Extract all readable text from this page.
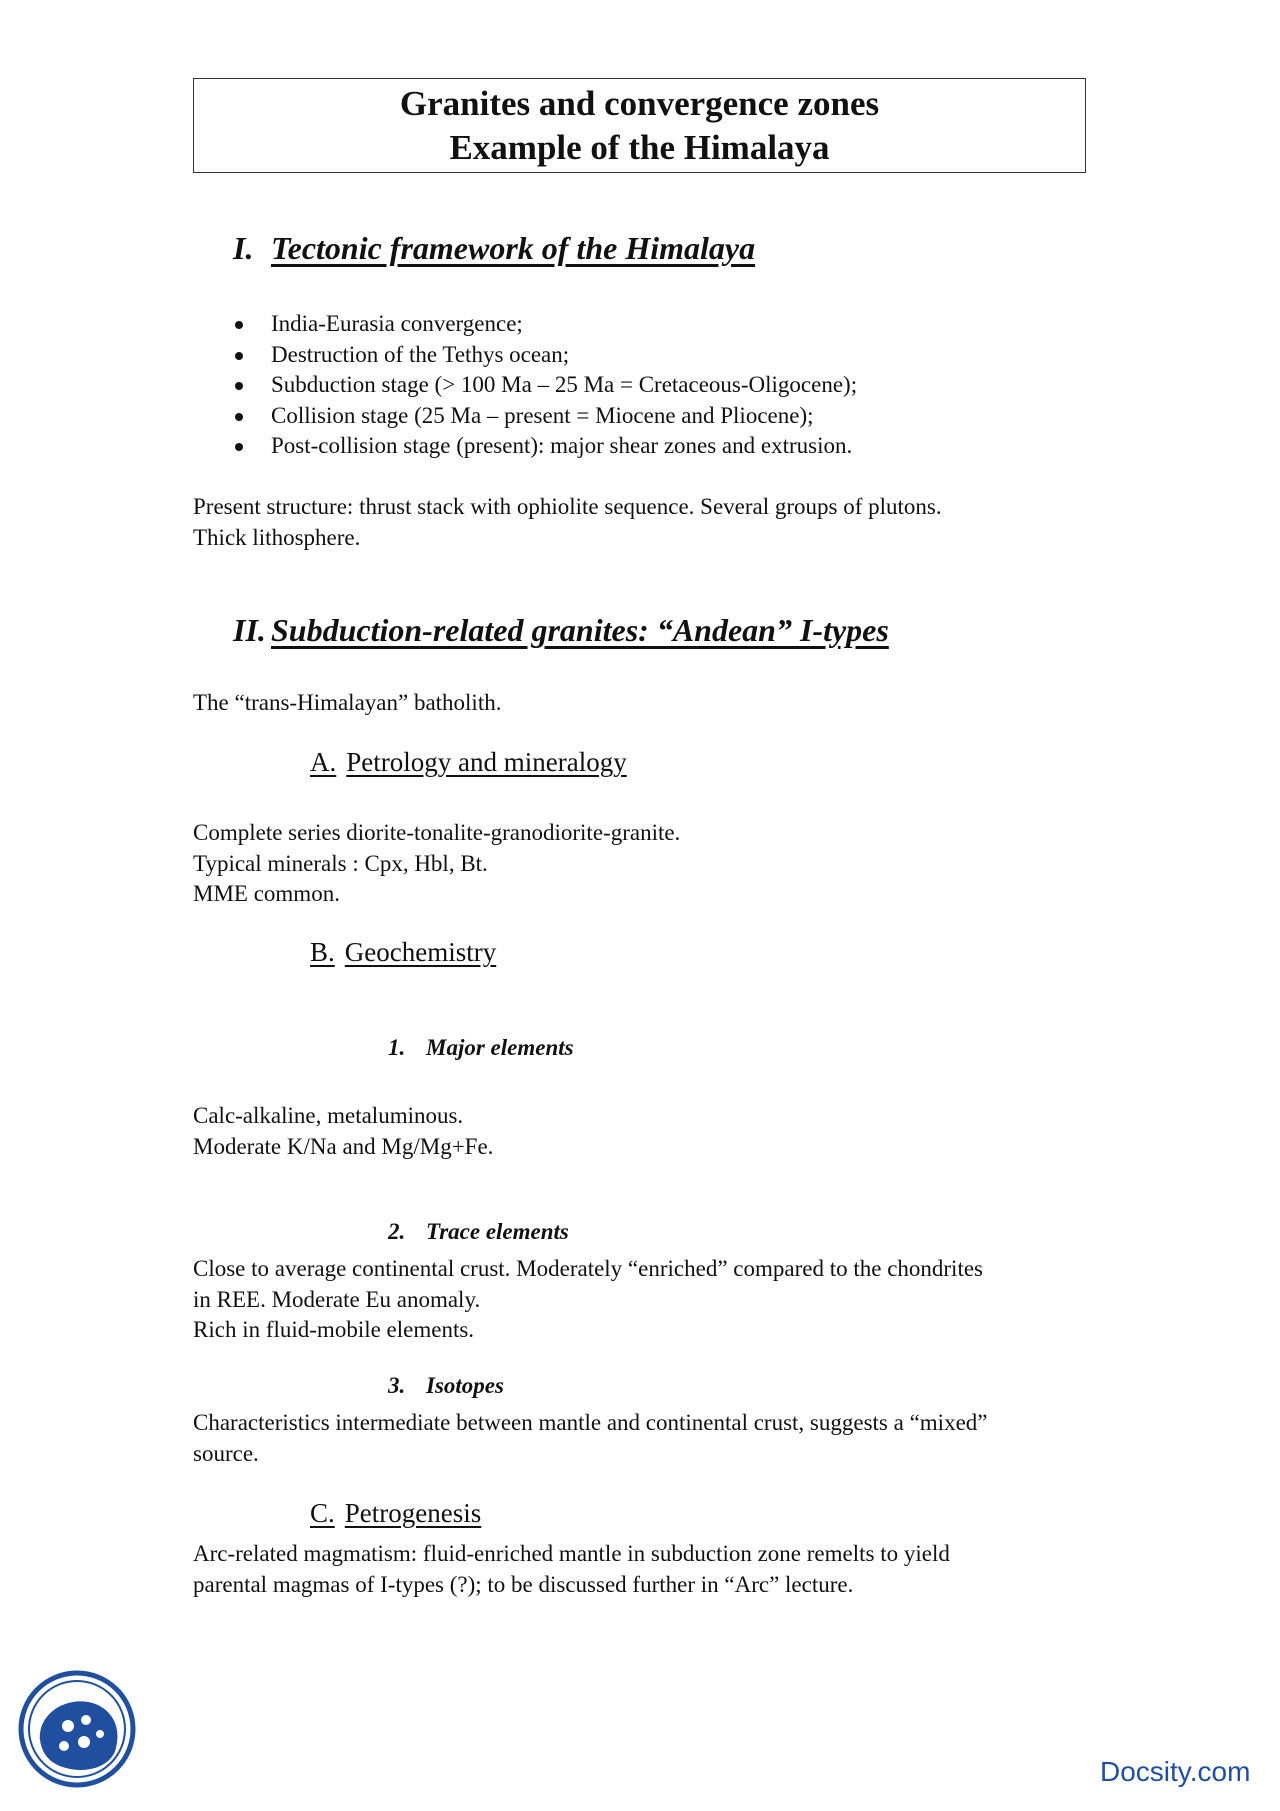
Granites and convergence zones
Example of the Himalaya
I. Tectonic framework of the Himalaya
India-Eurasia convergence;
Destruction of the Tethys ocean;
Subduction stage (> 100 Ma – 25 Ma = Cretaceous-Oligocene);
Collision stage (25 Ma – present = Miocene and Pliocene);
Post-collision stage (present): major shear zones and extrusion.
Present structure: thrust stack with ophiolite sequence. Several groups of plutons.
Thick lithosphere.
II. Subduction-related granites: “Andean” I-types
The “trans-Himalayan” batholith.
A. Petrology and mineralogy
Complete series diorite-tonalite-granodiorite-granite.
Typical minerals : Cpx, Hbl, Bt.
MME common.
B. Geochemistry
1. Major elements
Calc-alkaline, metaluminous.
Moderate K/Na and Mg/Mg+Fe.
2. Trace elements
Close to average continental crust. Moderately “enriched” compared to the chondrites
in REE. Moderate Eu anomaly.
Rich in fluid-mobile elements.
3. Isotopes
Characteristics intermediate between mantle and continental crust, suggests a “mixed”
source.
C. Petrogenesis
Arc-related magmatism: fluid-enriched mantle in subduction zone remelts to yield
parental magmas of I-types (?); to be discussed further in “Arc” lecture.
Docsity.com
